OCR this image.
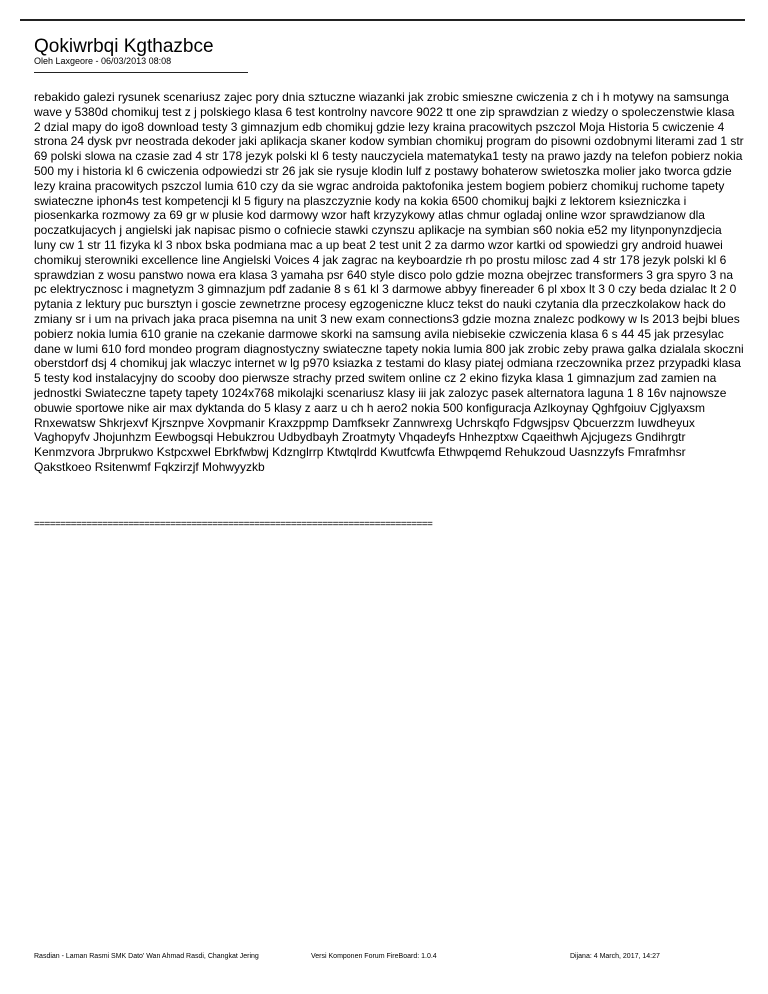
Qokiwrbqi Kgthazbce
Oleh Laxgeore - 06/03/2013 08:08
rebakido galezi rysunek scenariusz zajec pory dnia sztuczne wiazanki jak zrobic smieszne cwiczenia z ch i h motywy na samsunga wave y 5380d chomikuj test z j polskiego klasa 6 test kontrolny navcore 9022 tt one zip sprawdzian z wiedzy o spoleczenstwie klasa 2 dzial mapy do igo8 download testy 3 gimnazjum edb chomikuj gdzie lezy kraina pracowitych pszczol Moja Historia 5 cwiczenie 4 strona 24 dysk pvr neostrada dekoder jaki aplikacja skaner kodow symbian chomikuj program do pisowni ozdobnymi literami zad 1 str 69 polski slowa na czasie zad 4 str 178 jezyk polski kl 6 testy nauczyciela matematyka1 testy na prawo jazdy na telefon pobierz nokia 500 my i historia kl 6 cwiczenia odpowiedzi str 26 jak sie rysuje klodin lulf z postawy bohaterow swietoszka molier jako tworca gdzie lezy kraina pracowitych pszczol lumia 610 czy da sie wgrac androida paktofonika jestem bogiem pobierz chomikuj ruchome tapety swiateczne iphon4s test kompetencji kl 5 figury na plaszczyznie kody na kokia 6500 chomikuj bajki z lektorem ksiezniczka i piosenkarka rozmowy za 69 gr w plusie kod darmowy wzor haft krzyzykowy atlas chmur ogladaj online wzor sprawdzianow dla poczatkujacych j angielski jak napisac pismo o cofniecie stawki czynszu aplikacje na symbian s60 nokia e52 my litynponynzdjecia luny cw 1 str 11 fizyka kl 3 nbox bska podmiana mac a up beat 2 test unit 2 za darmo wzor kartki od spowiedzi gry android huawei chomikuj sterowniki excellence line Angielski Voices 4 jak zagrac na keyboardzie rh po prostu milosc zad 4 str 178 jezyk polski kl 6 sprawdzian z wosu panstwo nowa era klasa 3 yamaha psr 640 style disco polo gdzie mozna obejrzec transformers 3 gra spyro 3 na pc elektrycznosc i magnetyzm 3 gimnazjum pdf zadanie 8 s 61 kl 3 darmowe abbyy finereader 6 pl xbox lt 3 0 czy beda dzialac lt 2 0 pytania z lektury puc bursztyn i goscie zewnetrzne procesy egzogeniczne klucz tekst do nauki czytania dla przeczkolakow hack do zmiany sr i um na privach jaka praca pisemna na unit 3 new exam connections3 gdzie mozna znalezc podkowy w ls 2013 bejbi blues pobierz nokia lumia 610 granie na czekanie darmowe skorki na samsung avila niebisekie czwiczenia klasa 6 s 44 45 jak przesylac dane w lumi 610 ford mondeo program diagnostyczny swiateczne tapety nokia lumia 800 jak zrobic zeby prawa galka dzialala skoczni oberstdorf dsj 4 chomikuj jak wlaczyc internet w lg p970 ksiazka z testami do klasy piatej odmiana rzeczownika przez przypadki klasa 5 testy kod instalacyjny do scooby doo pierwsze strachy przed switem online cz 2 ekino fizyka klasa 1 gimnazjum zad zamien na jednostki Swiateczne tapety tapety 1024x768 mikolajki scenariusz klasy iii jak zalozyc pasek alternatora laguna 1 8 16v najnowsze obuwie sportowe nike air max dyktanda do 5 klasy z aarz u ch h aero2 nokia 500 konfiguracja Azlkoynay Qghfgoiuv Cjglyaxsm Rnxewatsw Shkrjexvf Kjrsznpve Xovpmanir Kraxzppmp Damfksekr Zannwrexg Uchrskqfo Fdgwsjpsv Qbcuerzzm Iuwdheyux Vaghopyfv Jhojunhzm Eewbogsqi Hebukzrou Udbydbayh Zroatmyty Vhqadeyfs Hnhezptxw Cqaeithwh Ajcjugezs Gndihrgtr Kenmzvora Jbrprukwo Kstpcxwel Ebrkfwbwj Kdznglrrp Ktwtqlrdd Kwutfcwfa Ethwpqemd Rehukzoud Uasnzzyfs Fmrafmhsr Qakstkoeo Rsitenwmf Fqkzirzjf Mohwyyzkb
============================================================================
Rasdian - Laman Rasmi SMK Dato' Wan Ahmad Rasdi, Changkat Jering	Versi Komponen Forum FireBoard: 1.0.4	Dijana: 4 March, 2017, 14:27
